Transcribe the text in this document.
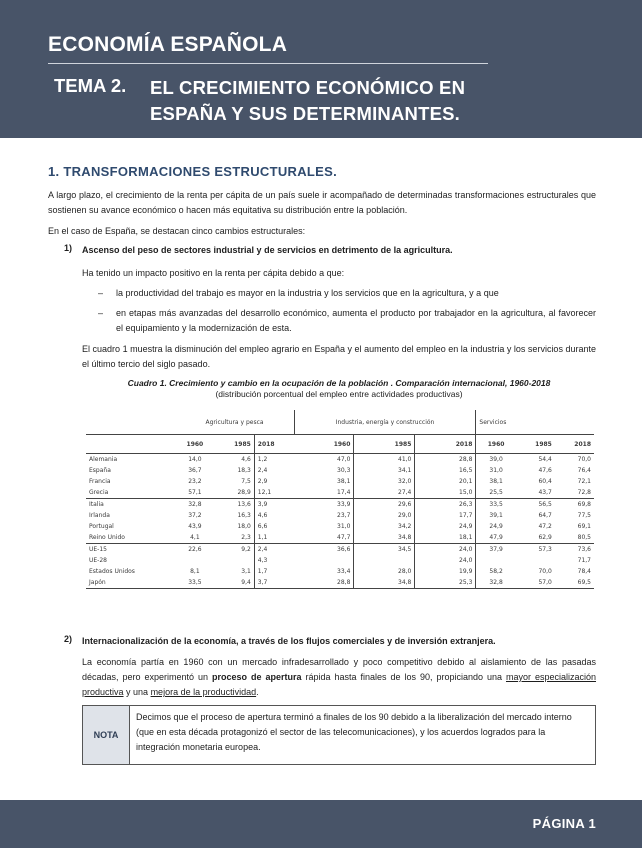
ECONOMÍA ESPAÑOLA
TEMA 2. EL CRECIMIENTO ECONÓMICO EN
ESPAÑA Y SUS DETERMINANTES.
1. TRANSFORMACIONES ESTRUCTURALES.
A largo plazo, el crecimiento de la renta per cápita de un país suele ir acompañado de determinadas transformaciones estructurales que sostienen su avance económico o hacen más equitativa su distribución entre la población.
En el caso de España, se destacan cinco cambios estructurales:
1) Ascenso del peso de sectores industrial y de servicios en detrimento de la agricultura.
Ha tenido un impacto positivo en la renta per cápita debido a que:
– la productividad del trabajo es mayor en la industria y los servicios que en la agricultura, y a que
– en etapas más avanzadas del desarrollo económico, aumenta el producto por trabajador en la agricultura, al favorecer el equipamiento y la modernización de esta.
El cuadro 1 muestra la disminución del empleo agrario en España y el aumento del empleo en la industria y los servicios durante el último tercio del siglo pasado.
Cuadro 1. Crecimiento y cambio en la ocupación de la población . Comparación internacional, 1960-2018
(distribución porcentual del empleo entre actividades productivas)
	Agricultura y pesca			Industria, energía y construcción			Servicios		
	1960	1985	2018	1960	1985	2018	1960	1985	2018
Alemania	14,0	4,6	1,2	47,0	41,0	28,8	39,0	54,4	70,0
España	36,7	18,3	2,4	30,3	34,1	16,5	31,0	47,6	76,4
Francia	23,2	7,5	2,9	38,1	32,0	20,1	38,1	60,4	72,1
Grecia	57,1	28,9	12,1	17,4	27,4	15,0	25,5	43,7	72,8
Italia	32,8	13,6	3,9	33,9	29,6	26,3	33,5	56,5	69,8
Irlanda	37,2	16,3	4,6	23,7	29,0	17,7	39,1	64,7	77,5
Portugal	43,9	18,0	6,6	31,0	34,2	24,9	24,9	47,2	69,1
Reino Unido	4,1	2,3	1,1	47,7	34,8	18,1	47,9	62,9	80,5
UE-15	22,6	9,2	2,4	36,6	34,5	24,0	37,9	57,3	73,6
UE-28			4,3			24,0			71,7
Estados Unidos	8,1	3,1	1,7	33,4	28,0	19,9	58,2	70,0	78,4
Japón	33,5	9,4	3,7	28,8	34,8	25,3	32,8	57,0	69,5
2) Internacionalización de la economía, a través de los flujos comerciales y de inversión extranjera.
La economía partía en 1960 con un mercado infradesarrollado y poco competitivo debido al aislamiento de las pasadas décadas, pero experimentó un proceso de apertura rápida hasta finales de los 90, propiciando una mayor especialización productiva y una mejora de la productividad.
NOTA
Decimos que el proceso de apertura terminó a finales de los 90 debido a la liberalización del mercado interno (que en esta década protagonizó el sector de las telecomunicaciones), y los acuerdos logrados para la integración monetaria europea.
PÁGINA 1
